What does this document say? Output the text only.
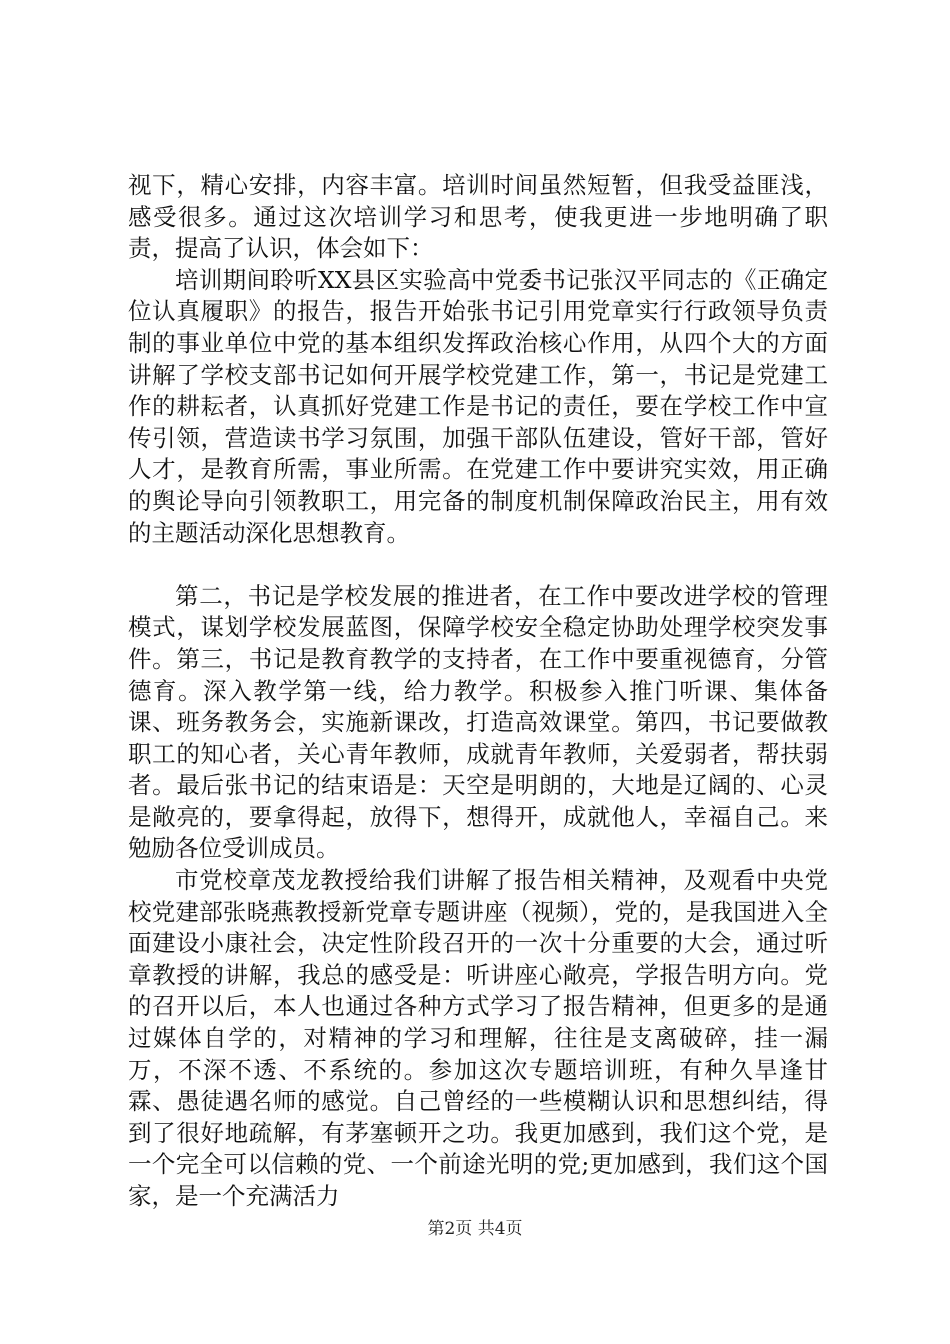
视下，精心安排，内容丰富。培训时间虽然短暂，但我受益匪浅，感受很多。通过这次培训学习和思考，使我更进一步地明确了职责，提高了认识，体会如下：

培训期间聆听XX县区实验高中党委书记张汉平同志的《正确定位认真履职》的报告，报告开始张书记引用党章实行行政领导负责制的事业单位中党的基本组织发挥政治核心作用，从四个大的方面讲解了学校支部书记如何开展学校党建工作，第一，书记是党建工作的耕耘者，认真抓好党建工作是书记的责任，要在学校工作中宣传引领，营造读书学习氛围，加强干部队伍建设，管好干部，管好人才，是教育所需，事业所需。在党建工作中要讲究实效，用正确的舆论导向引领教职工，用完备的制度机制保障政治民主，用有效的主题活动深化思想教育。

第二，书记是学校发展的推进者，在工作中要改进学校的管理模式，谋划学校发展蓝图，保障学校安全稳定协助处理学校突发事件。第三，书记是教育教学的支持者，在工作中要重视德育，分管德育。深入教学第一线，给力教学。积极参入推门听课、集体备课、班务教务会，实施新课改，打造高效课堂。第四，书记要做教职工的知心者，关心青年教师，成就青年教师，关爱弱者，帮扶弱者。最后张书记的结束语是：天空是明朗的，大地是辽阔的、心灵是敞亮的，要拿得起，放得下，想得开，成就他人，幸福自己。来勉励各位受训成员。

市党校章茂龙教授给我们讲解了报告相关精神，及观看中央党校党建部张晓燕教授新党章专题讲座（视频），党的，是我国进入全面建设小康社会，决定性阶段召开的一次十分重要的大会，通过听章教授的讲解，我总的感受是：听讲座心敞亮，学报告明方向。党的召开以后，本人也通过各种方式学习了报告精神，但更多的是通过媒体自学的，对精神的学习和理解，往往是支离破碎，挂一漏万，不深不透、不系统的。参加这次专题培训班，有种久旱逢甘霖、愚徒遇名师的感觉。自己曾经的一些模糊认识和思想纠结，得到了很好地疏解，有茅塞顿开之功。我更加感到，我们这个党，是一个完全可以信赖的党、一个前途光明的党;更加感到，我们这个国家，是一个充满活力

第2页 共4页
